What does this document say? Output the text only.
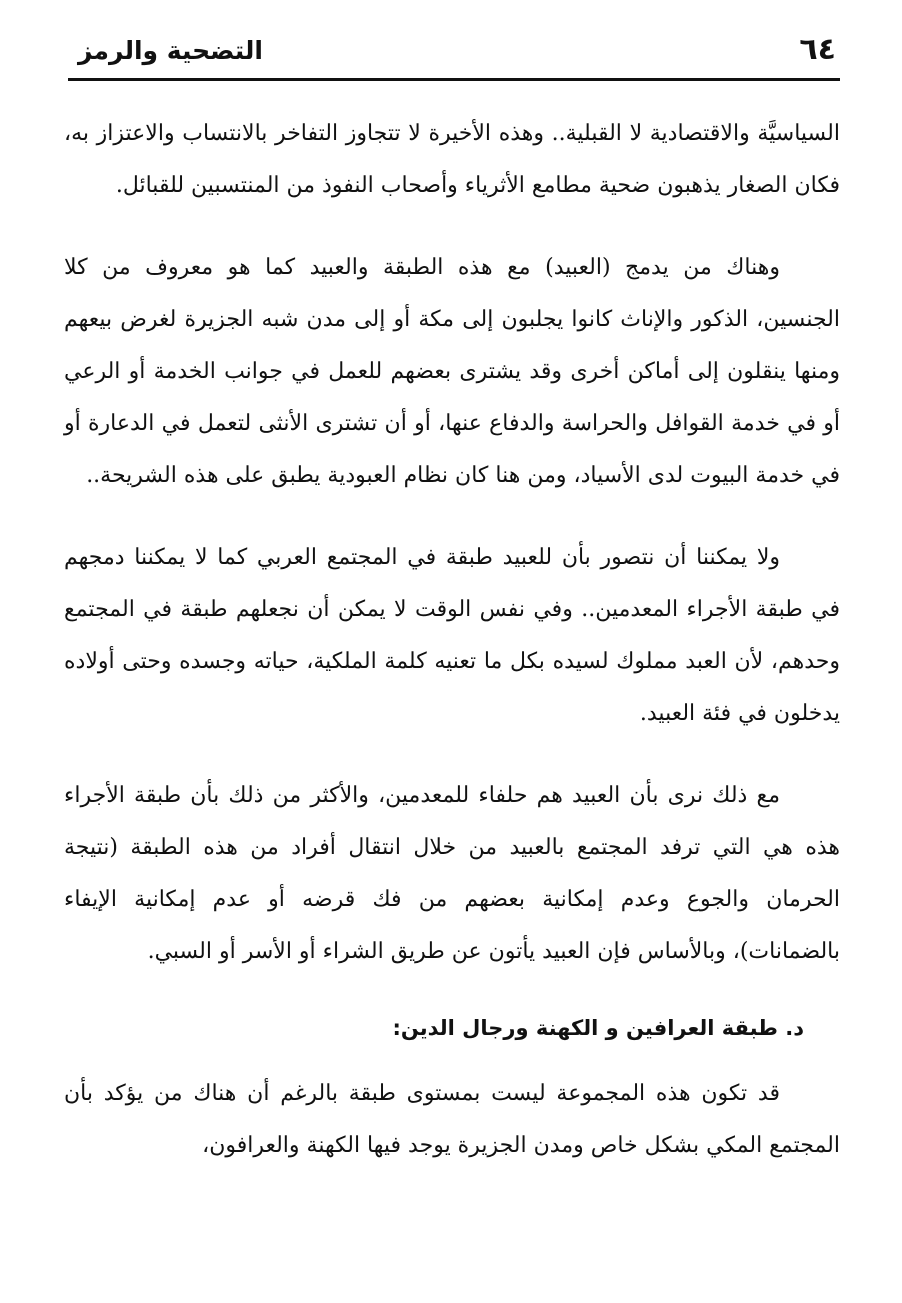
٦٤
التضحية والرمز

السياسيَّة والاقتصادية لا القبلية.. وهذه الأخيرة لا تتجاوز التفاخر بالانتساب والاعتزاز به، فكان الصغار يذهبون ضحية مطامع الأثرياء وأصحاب النفوذ من المنتسبين للقبائل.

وهناك من يدمج (العبيد) مع هذه الطبقة والعبيد كما هو معروف من كلا الجنسين، الذكور والإناث كانوا يجلبون إلى مكة أو إلى مدن شبه الجزيرة لغرض بيعهم ومنها ينقلون إلى أماكن أخرى وقد يشترى بعضهم للعمل في جوانب الخدمة أو الرعي أو في خدمة القوافل والحراسة والدفاع عنها، أو أن تشترى الأنثى لتعمل في الدعارة أو في خدمة البيوت لدى الأسياد، ومن هنا كان نظام العبودية يطبق على هذه الشريحة..

ولا يمكننا أن نتصور بأن للعبيد طبقة في المجتمع العربي كما لا يمكننا دمجهم في طبقة الأجراء المعدمين.. وفي نفس الوقت لا يمكن أن نجعلهم طبقة في المجتمع وحدهم، لأن العبد مملوك لسيده بكل ما تعنيه كلمة الملكية، حياته وجسده وحتى أولاده يدخلون في فئة العبيد.

مع ذلك نرى بأن العبيد هم حلفاء للمعدمين، والأكثر من ذلك بأن طبقة الأجراء هذه هي التي ترفد المجتمع بالعبيد من خلال انتقال أفراد من هذه الطبقة (نتيجة الحرمان والجوع وعدم إمكانية بعضهم من فك قرضه أو عدم إمكانية الإيفاء بالضمانات)، وبالأساس فإن العبيد يأتون عن طريق الشراء أو الأسر أو السبي.

د. طبقة العرافين و الكهنة ورجال الدين:

قد تكون هذه المجموعة ليست بمستوى طبقة بالرغم أن هناك من يؤكد بأن المجتمع المكي بشكل خاص ومدن الجزيرة يوجد فيها الكهنة والعرافون،
